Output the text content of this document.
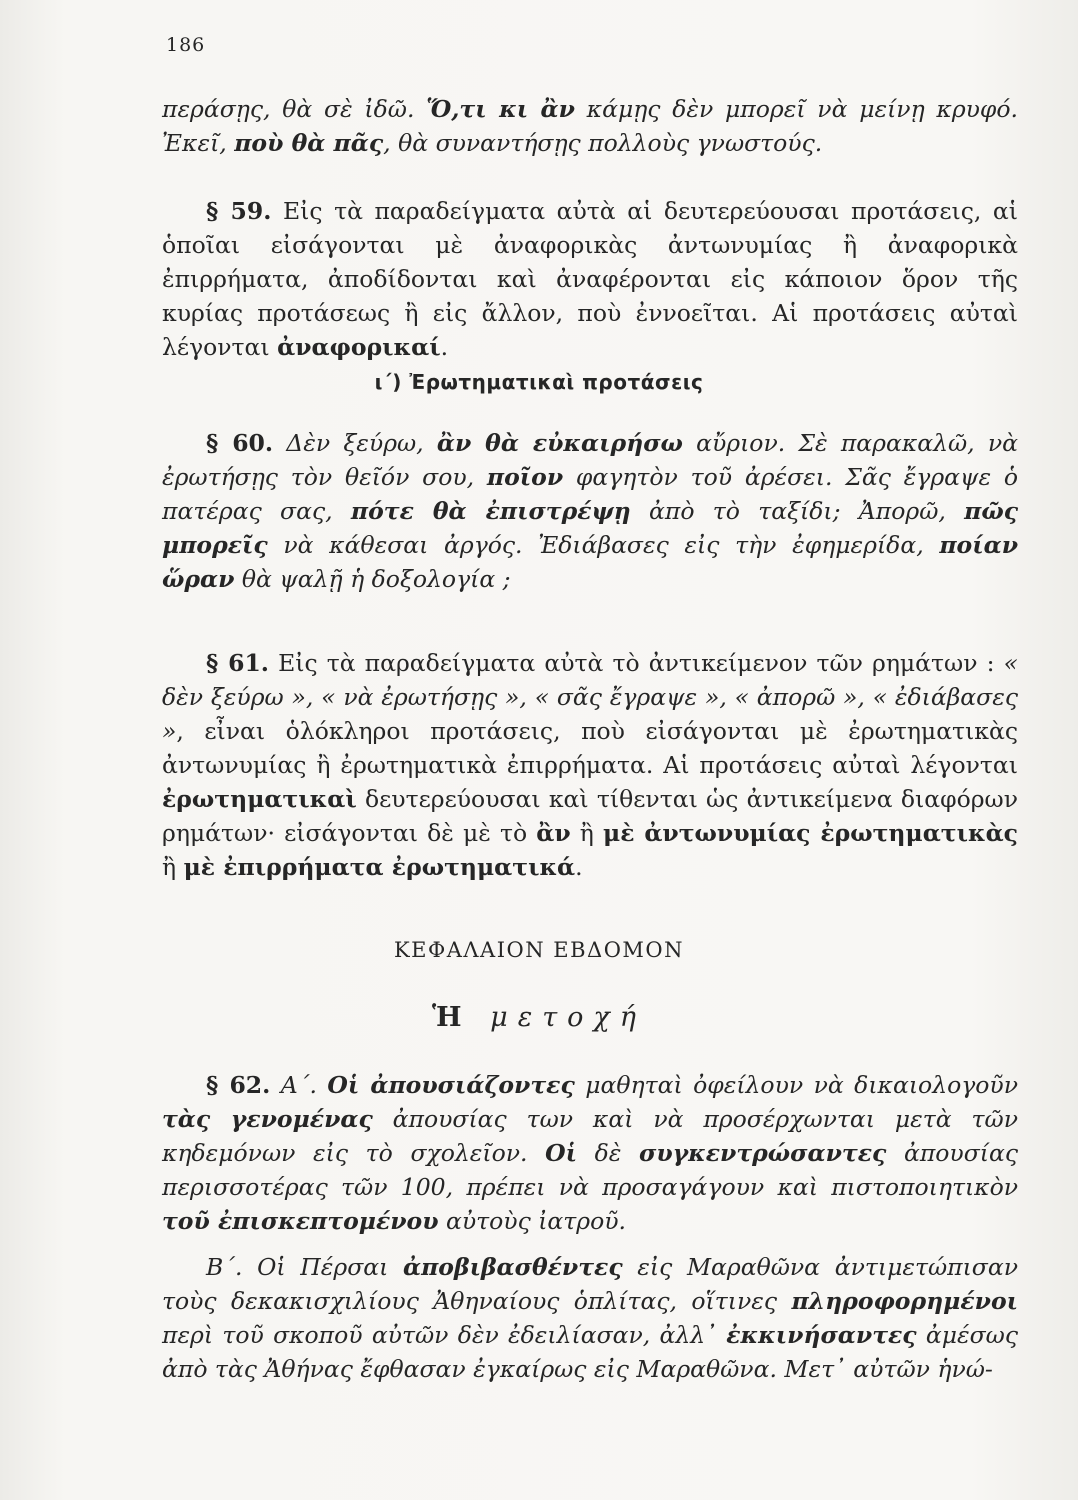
186

περάσῃς, θὰ σὲ ἰδῶ. Ὅ,τι κι ἂν κάμῃς δὲν μπορεῖ νὰ μείνῃ κρυφό. Ἐκεῖ, ποὺ θὰ πᾶς, θὰ συναντήσῃς πολλοὺς γνωστούς.

§ 59. Εἰς τὰ παραδείγματα αὐτὰ αἱ δευτερεύουσαι προτάσεις, αἱ ὁποῖαι εἰσάγονται μὲ ἀναφορικὰς ἀντωνυμίας ἢ ἀναφορικὰ ἐπιρρήματα, ἀποδίδονται καὶ ἀναφέρονται εἰς κάποιον ὅρον τῆς κυρίας προτάσεως ἢ εἰς ἄλλον, ποὺ ἐννοεῖται. Αἱ προτάσεις αὐταὶ λέγονται ἀναφορικαί.

ι΄) Ἐρωτηματικαὶ προτάσεις

§ 60. Δὲν ξεύρω, ἂν θὰ εὐκαιρήσω αὔριον. Σὲ παρακαλῶ, νὰ ἐρωτήσῃς τὸν θεῖόν σου, ποῖον φαγητὸν τοῦ ἀρέσει. Σᾶς ἔγραψε ὁ πατέρας σας, πότε θὰ ἐπιστρέψῃ ἀπὸ τὸ ταξίδι; Ἀπορῶ, πῶς μπορεῖς νὰ κάθεσαι ἀργός. Ἐδιάβασες εἰς τὴν ἐφημερίδα, ποίαν ὥραν θὰ ψαλῇ ἡ δοξολογία ;

§ 61. Εἰς τὰ παραδείγματα αὐτὰ τὸ ἀντικείμενον τῶν ρημάτων : « δὲν ξεύρω », « νὰ ἐρωτήσῃς », « σᾶς ἔγραψε », « ἀπορῶ », « ἐδιάβασες », εἶναι ὁλόκληροι προτάσεις, ποὺ εἰσάγονται μὲ ἐρωτηματικὰς ἀντωνυμίας ἢ ἐρωτηματικὰ ἐπιρρήματα. Αἱ προτάσεις αὐταὶ λέγονται ἐρωτηματικαὶ δευτερεύουσαι καὶ τίθενται ὡς ἀντικείμενα διαφόρων ρημάτων· εἰσάγονται δὲ μὲ τὸ ἂν ἢ μὲ ἀντωνυμίας ἐρωτηματικὰς ἢ μὲ ἐπιρρήματα ἐρωτηματικά.

ΚΕΦΑΛΑΙΟΝ ΕΒΔΟΜΟΝ
Ἡ μετοχή

§ 62. Α΄. Οἱ ἀπουσιάζοντες μαθηταὶ ὀφείλουν νὰ δικαιολογοῦν τὰς γενομένας ἀπουσίας των καὶ νὰ προσέρχωνται μετὰ τῶν κηδεμόνων εἰς τὸ σχολεῖον. Οἱ δὲ συγκεντρώσαντες ἀπουσίας περισσοτέρας τῶν 100, πρέπει νὰ προσαγάγουν καὶ πιστοποιητικὸν τοῦ ἐπισκεπτομένου αὐτοὺς ἰατροῦ.

Β΄. Οἱ Πέρσαι ἀποβιβασθέντες εἰς Μαραθῶνα ἀντιμετώπισαν τοὺς δεκακισχιλίους Ἀθηναίους ὁπλίτας, οἵτινες πληροφορημένοι περὶ τοῦ σκοποῦ αὐτῶν δὲν ἐδειλίασαν, ἀλλ᾽ ἐκκινήσαντες ἀμέσως ἀπὸ τὰς Ἀθήνας ἔφθασαν ἐγκαίρως εἰς Μαραθῶνα. Μετ᾽ αὐτῶν ἡνώ-
